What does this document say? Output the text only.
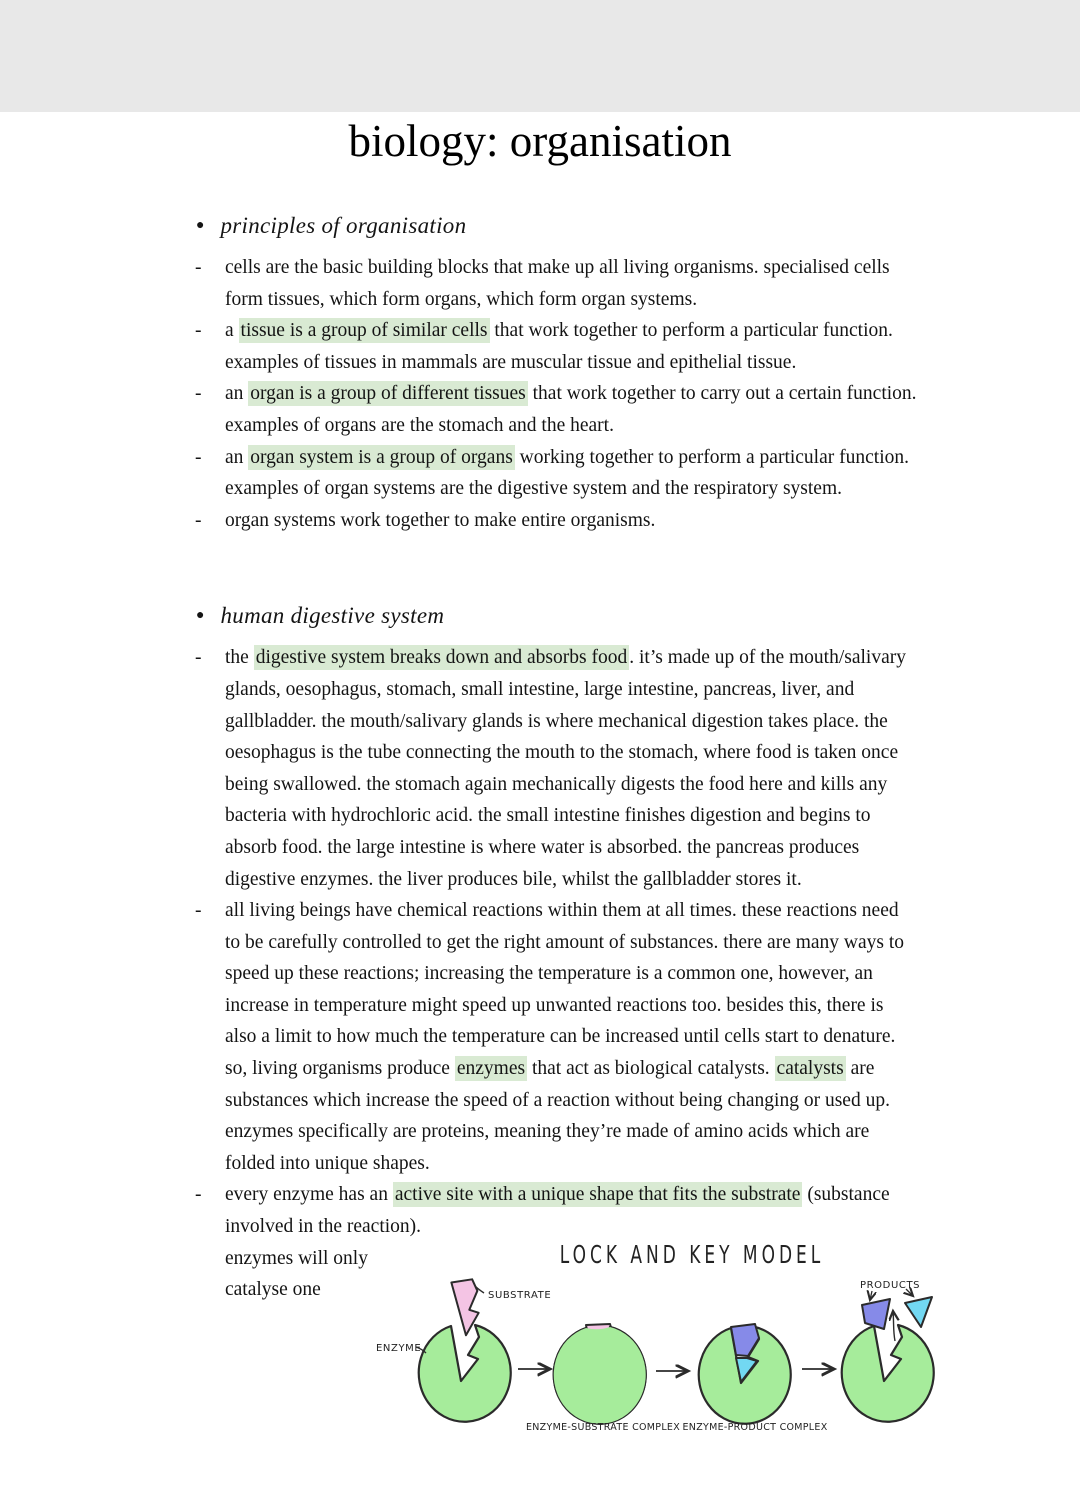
biology: organisation
● principles of organisation
- cells are the basic building blocks that make up all living organisms. specialised cells form tissues, which form organs, which form organ systems.
- a tissue is a group of similar cells that work together to perform a particular function. examples of tissues in mammals are muscular tissue and epithelial tissue.
- an organ is a group of different tissues that work together to carry out a certain function. examples of organs are the stomach and the heart.
- an organ system is a group of organs working together to perform a particular function. examples of organ systems are the digestive system and the respiratory system.
- organ systems work together to make entire organisms.
● human digestive system
- the digestive system breaks down and absorbs food . it’s made up of the mouth/salivary glands, oesophagus, stomach, small intestine, large intestine, pancreas, liver, and gallbladder. the mouth/salivary glands is where mechanical digestion takes place. the oesophagus is the tube connecting the mouth to the stomach, where food is taken once being swallowed. the stomach again mechanically digests the food here and kills any bacteria with hydrochloric acid. the small intestine finishes digestion and begins to absorb food. the large intestine is where water is absorbed. the pancreas produces digestive enzymes. the liver produces bile, whilst the gallbladder stores it.
- all living beings have chemical reactions within them at all times. these reactions need to be carefully controlled to get the right amount of substances. there are many ways to speed up these reactions; increasing the temperature is a common one, however, an increase in temperature might speed up unwanted reactions too. besides this, there is also a limit to how much the temperature can be increased until cells start to denature. so, living organisms produce enzymes that act as biological catalysts. catalysts are substances which increase the speed of a reaction without being changing or used up. enzymes specifically are proteins, meaning they’re made of amino acids which are folded into unique shapes.
- every enzyme has an active site with a unique shape that fits the substrate (substance involved in the reaction).
enzymes will only
catalyse one
LOCK AND KEY MODEL
SUBSTRATE
ENZYME
PRODUCTS
ENZYME-SUBSTRATE COMPLEX ENZYME-PRODUCT COMPLEX
